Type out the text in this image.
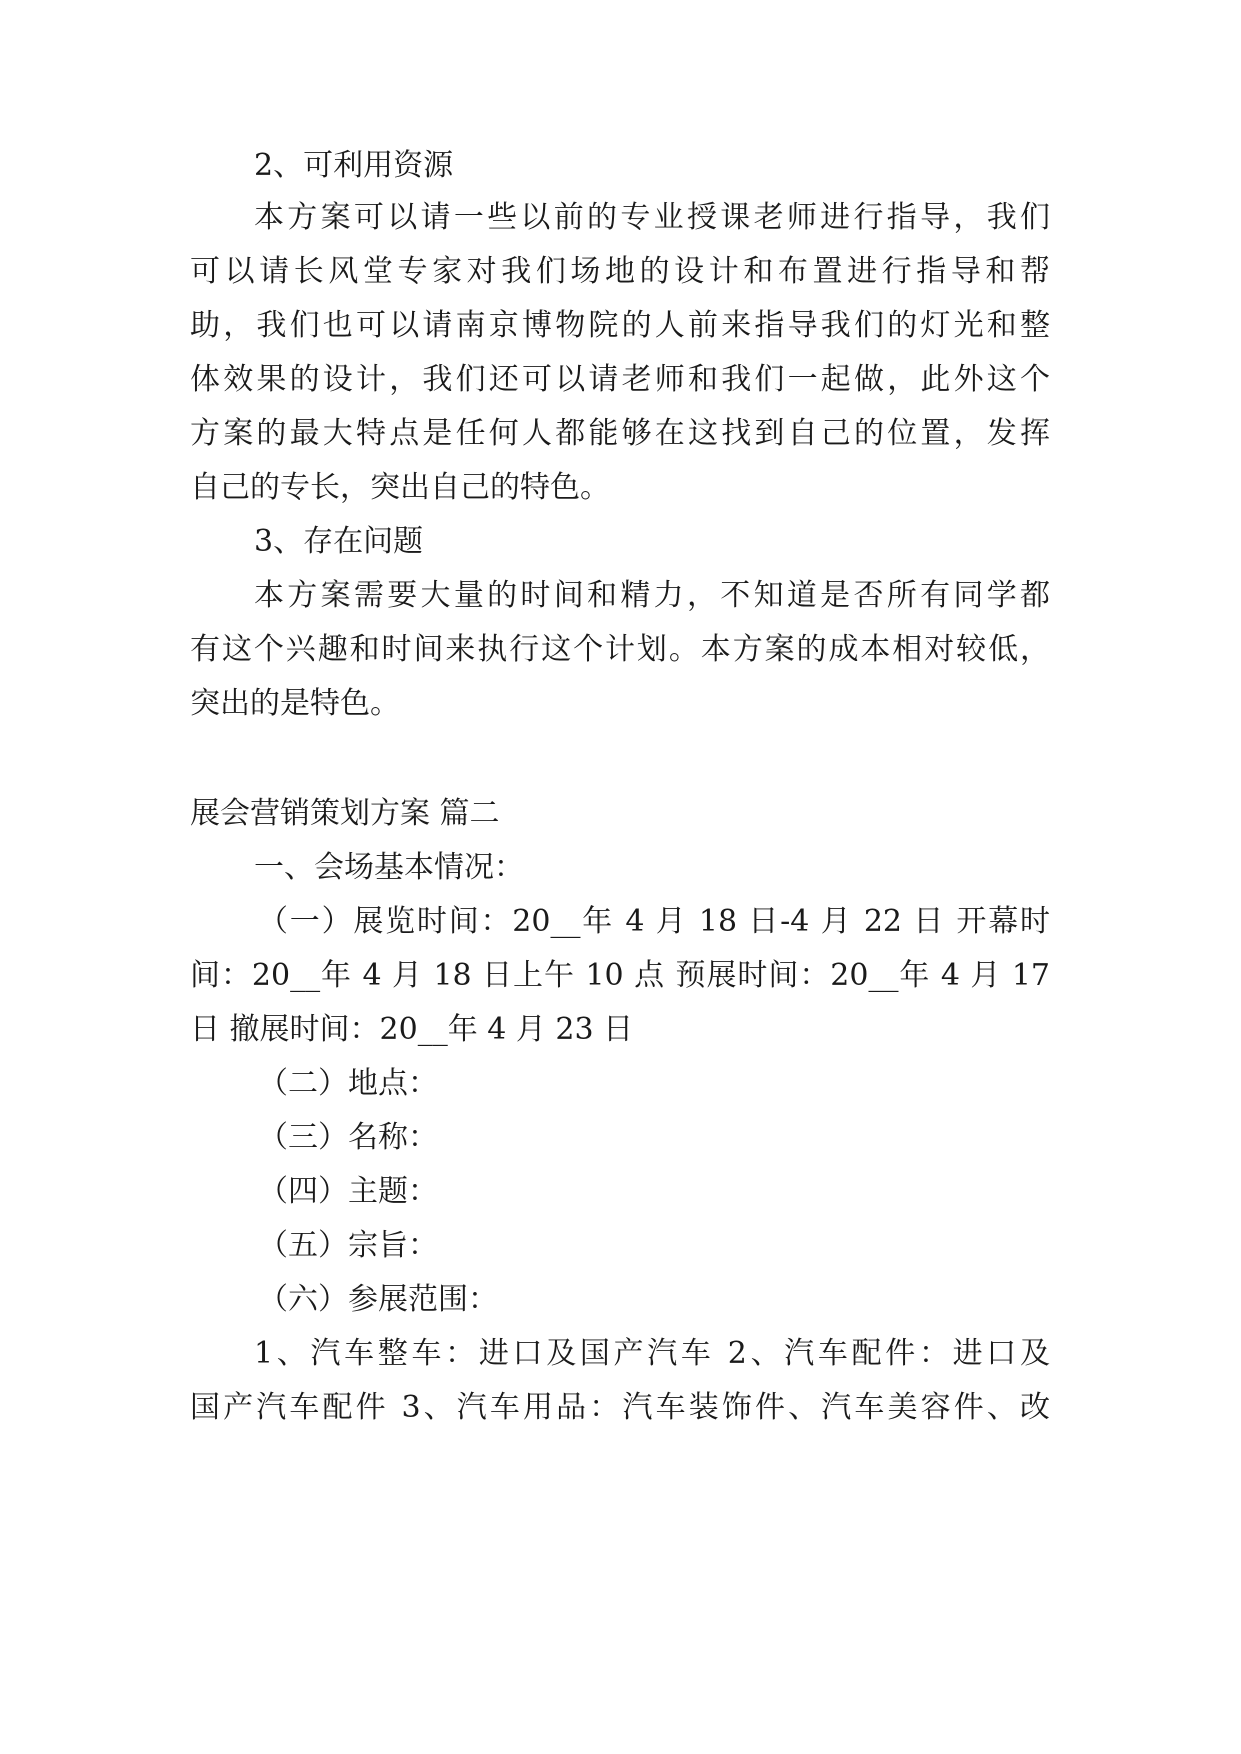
2、可利用资源
本方案可以请一些以前的专业授课老师进行指导，我们
可以请长风堂专家对我们场地的设计和布置进行指导和帮
助，我们也可以请南京博物院的人前来指导我们的灯光和整
体效果的设计，我们还可以请老师和我们一起做，此外这个
方案的最大特点是任何人都能够在这找到自己的位置，发挥
自己的专长，突出自己的特色。
3、存在问题
本方案需要大量的时间和精力，不知道是否所有同学都
有这个兴趣和时间来执行这个计划。本方案的成本相对较低，
突出的是特色。
展会营销策划方案 篇二
一、会场基本情况：
（一）展览时间：20__年 4 月 18 日-4 月 22 日 开幕时
间：20__年 4 月 18 日上午 10 点 预展时间：20__年 4 月 17
日 撤展时间：20__年 4 月 23 日
（二）地点：
（三）名称：
（四）主题：
（五）宗旨：
（六）参展范围：
1、汽车整车：进口及国产汽车 2、汽车配件：进口及
国产汽车配件 3、汽车用品：汽车装饰件、汽车美容件、改
